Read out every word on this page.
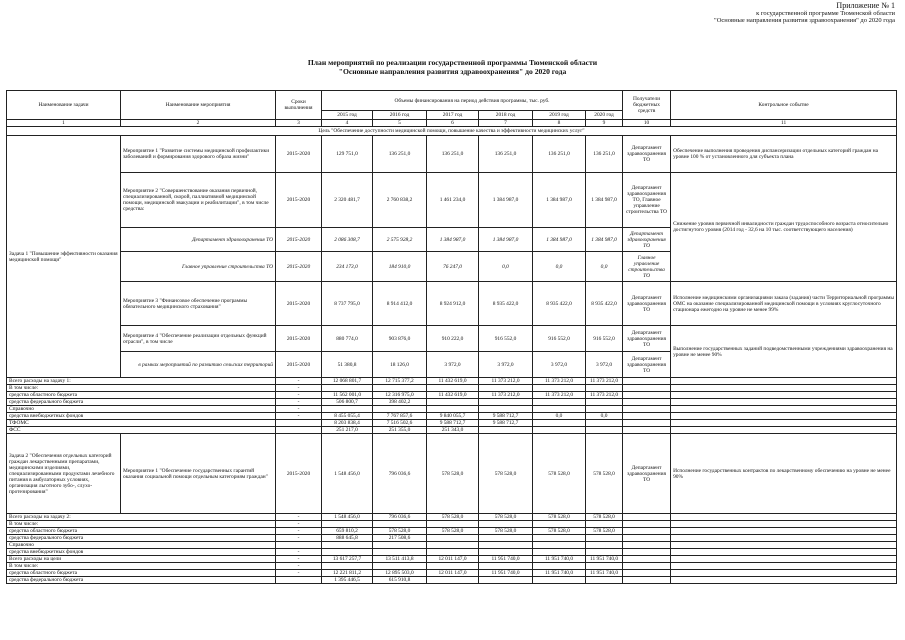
Приложение № 1
к государственной программе Тюменской области
"Основные направления развития здравоохранения" до 2020 года
План мероприятий по реализации государственной программы Тюменской области
"Основные направления развития здравоохранения" до 2020 года
Наименование задачи	Наименование мероприятия	Сроки выполнения	Объемы финансирования на период действия программы, тыс. руб.						Получатели бюджетных средств	Контрольное событие
			2015 год	2016 год	2017 год	2018 год	2019 год	2020 год		
1	2	3	4	5	6	7	8	9	10	11
Цель "Обеспечение доступности медицинской помощи, повышение качества и эффективности медицинских услуг"										
Задача 1 "Повышение эффективности оказания медицинской помощи"	Мероприятие 1 "Развитие системы медицинской профилактики заболеваний и формирования здорового образа жизни"	2015-2020	129 751,0	136 251,0	136 251,0	136 251,0	136 251,0	136 251,0	Департамент здравоохранения ТО	Обеспечение выполнения проведения диспансеризации отдельных категорий граждан на уровне 100 % от установленного для субъекта плана
	Мероприятие 2 "Совершенствование оказания первичной, специализированной, скорой, паллиативной медицинской помощи, медицинской эвакуации и реабилитации", в том числе средства:	2015-2020	2 320 481,7	2 760 838,2	1 461 234,0	1 384 987,0	1 384 987,0	1 384 987,0	Департамент здравоохранения ТО, Главное управление строительства ТО	Снижение уровня первичной инвалидности граждан трудоспособного возраста относительно достигнутого уровня (2014 год - 32,6 на 10 тыс. соответствующего населения)
	Департамент здравоохранения ТО	2015-2020	2 086 308,7	2 575 928,2	1 384 987,0	1 384 987,0	1 384 987,0	1 384 987,0	Департамент здравоохранения ТО	
	Главное управление строительства ТО	2015-2020	234 173,0	184 910,0	76 247,0	0,0	0,0	0,0	Главное управление строительства ТО	
	Мероприятие 3 "Финансовое обеспечение программы обязательного медицинского страхования"	2015-2020	8 737 795,0	8 914 412,0	8 924 912,0	8 935 422,0	8 935 422,0	8 935 422,0	Департамент здравоохранения ТО	Исполнение медицинскими организациями заказа (задания) части Территориальной программы ОМС на оказание специализированной медицинской помощи в условиях круглосуточного стационара ежегодно на уровне не менее 99%
	Мероприятие 4 "Обеспечение реализации отдельных функций отрасли", в том числе	2015-2020	880 774,0	903 876,0	910 222,0	916 552,0	916 552,0	916 552,0	Департамент здравоохранения ТО	Выполнение государственных заданий подведомственными учреждениями здравоохранения на уровне не менее 90%
	в рамках мероприятий по развитию сельских территорий	2015-2020	51 380,8	18 126,0	3 972,0	3 972,0	3 972,0	3 972,0	Департамент здравоохранения ТО	
Всего расходы на задачу 1:		-	12 068 801,7	12 715 377,2	11 432 619,0	11 373 212,0	11 373 212,0	11 373 212,0		
В том числе:		-								
средства областного бюджета		-	11 562 001,0	12 316 975,0	11 432 619,0	11 373 212,0	11 373 212,0	11 373 212,0		
средства федерального бюджета		-	506 800,7	398 402,2						
Справочно		-								
средства внебюджетных фондов		-	8 455 055,4	7 767 857,6	9 840 055,7	9 588 712,7	0,0	0,0		
ТФОМС			8 203 838,4	7 516 502,6	9 588 712,7	9 588 712,7				
ФСС			251 217,0	251 355,0	251 343,0					
Задача 2 "Обеспечения отдельных категорий граждан лекарственными препаратами, медицинскими изделиями, специализированными продуктами лечебного питания в амбулаторных условиях, организация льготного зубо-, слухо-протезирования"	Мероприятие 1 "Обеспечение государственных гарантий оказания социальной помощи отдельным категориям граждан"	2015-2020	1 548 456,0	796 036,6	578 528,0	578 528,0	578 528,0	578 528,0	Департамент здравоохранения ТО	Исполнение государственных контрактов по лекарственному обеспечению на уровне не менее 90%
Всего расходы на задачу 2:		-	1 548 456,0	796 036,6	578 528,0	578 528,0	578 528,0	578 528,0		
В том числе:		-								
средства областного бюджета		-	659 810,2	578 528,0	578 528,0	578 528,0	578 528,0	578 528,0		
средства федерального бюджета		-	888 645,8	217 508,6						
Справочно										
средства внебюджетных фондов		-								
Всего расходы на цели		-	13 617 257,7	13 511 413,8	12 011 147,0	11 951 740,0	11 951 740,0	11 951 740,0		
В том числе:		-								
средства областного бюджета		-	12 221 811,2	12 895 503,0	12 011 147,0	11 951 740,0	11 951 740,0	11 951 740,0		
средства федерального бюджета			1 395 446,5	615 910,8						
